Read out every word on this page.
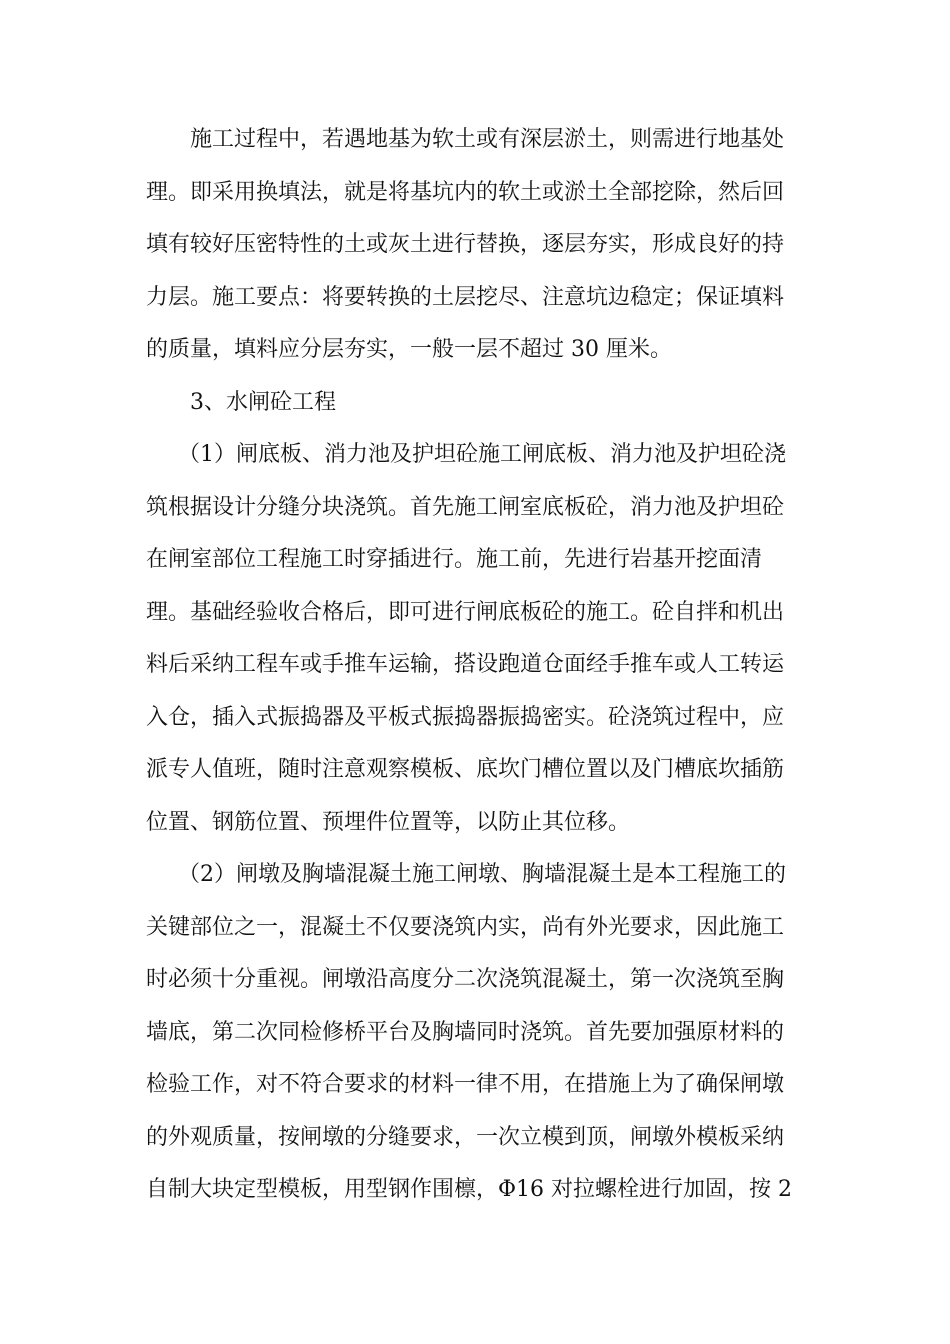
施工过程中，若遇地基为软土或有深层淤土，则需进行地基处
理。即采用换填法，就是将基坑内的软土或淤土全部挖除，然后回
填有较好压密特性的土或灰土进行替换，逐层夯实，形成良好的持
力层。施工要点：将要转换的土层挖尽、注意坑边稳定；保证填料
的质量，填料应分层夯实，一般一层不超过 30 厘米。
3、水闸砼工程
（1）闸底板、消力池及护坦砼施工闸底板、消力池及护坦砼浇
筑根据设计分缝分块浇筑。首先施工闸室底板砼，消力池及护坦砼
在闸室部位工程施工时穿插进行。施工前，先进行岩基开挖面清
理。基础经验收合格后，即可进行闸底板砼的施工。砼自拌和机出
料后采纳工程车或手推车运输，搭设跑道仓面经手推车或人工转运
入仓，插入式振捣器及平板式振捣器振捣密实。砼浇筑过程中，应
派专人值班，随时注意观察模板、底坎门槽位置以及门槽底坎插筋
位置、钢筋位置、预埋件位置等，以防止其位移。
（2）闸墩及胸墙混凝土施工闸墩、胸墙混凝土是本工程施工的
关键部位之一，混凝土不仅要浇筑内实，尚有外光要求，因此施工
时必须十分重视。闸墩沿高度分二次浇筑混凝土，第一次浇筑至胸
墙底，第二次同检修桥平台及胸墙同时浇筑。首先要加强原材料的
检验工作，对不符合要求的材料一律不用，在措施上为了确保闸墩
的外观质量，按闸墩的分缝要求，一次立模到顶，闸墩外模板采纳
自制大块定型模板，用型钢作围檩，Φ16 对拉螺栓进行加固，按 2
